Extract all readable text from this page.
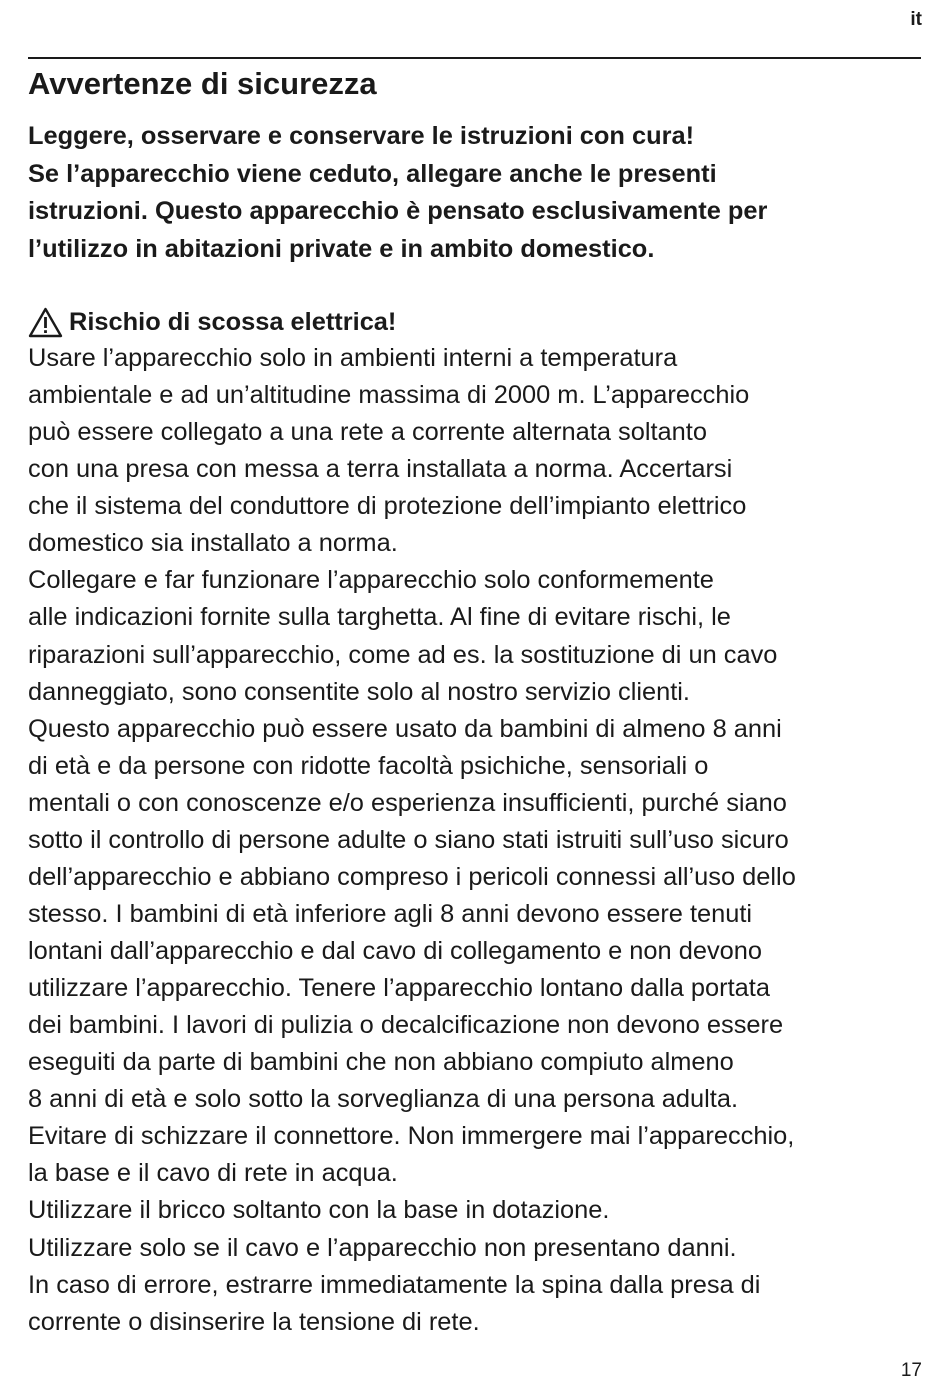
it
Avvertenze di sicurezza
Leggere, osservare e conservare le istruzioni con cura!
Se l’apparecchio viene ceduto, allegare anche le presenti
istruzioni. Questo apparecchio è pensato esclusivamente per
l’utilizzo in abitazioni private e in ambito domestico.
Rischio di scossa elettrica!
Usare l’apparecchio solo in ambienti interni a temperatura
ambientale e ad un’altitudine massima di 2000 m. L’apparecchio
può essere collegato a una rete a corrente alternata soltanto
con una presa con messa a terra installata a norma. Accertarsi
che il sistema del conduttore di protezione dell’impianto elettrico
domestico sia installato a norma.
Collegare e far funzionare l’apparecchio solo conformemente
alle indicazioni fornite sulla targhetta. Al fine di evitare rischi, le
riparazioni sull’apparecchio, come ad es. la sostituzione di un cavo
danneggiato, sono consentite solo al nostro servizio clienti.
Questo apparecchio può essere usato da bambini di almeno 8 anni
di età e da persone con ridotte facoltà psichiche, sensoriali o
mentali o con conoscenze e/o esperienza insufficienti, purché siano
sotto il controllo di persone adulte o siano stati istruiti sull’uso sicuro
dell’apparecchio e abbiano compreso i pericoli connessi all’uso dello
stesso. I bambini di età inferiore agli 8 anni devono essere tenuti
lontani dall’apparecchio e dal cavo di collegamento e non devono
utilizzare l’apparecchio. Tenere l’apparecchio lontano dalla portata
dei bambini. I lavori di pulizia o decalcificazione non devono essere
eseguiti da parte di bambini che non abbiano compiuto almeno
8 anni di età e solo sotto la sorveglianza di una persona adulta.
Evitare di schizzare il connettore. Non immergere mai l’apparecchio,
la base e il cavo di rete in acqua.
Utilizzare il bricco soltanto con la base in dotazione.
Utilizzare solo se il cavo e l’apparecchio non presentano danni.
In caso di errore, estrarre immediatamente la spina dalla presa di
corrente o disinserire la tensione di rete.
17
